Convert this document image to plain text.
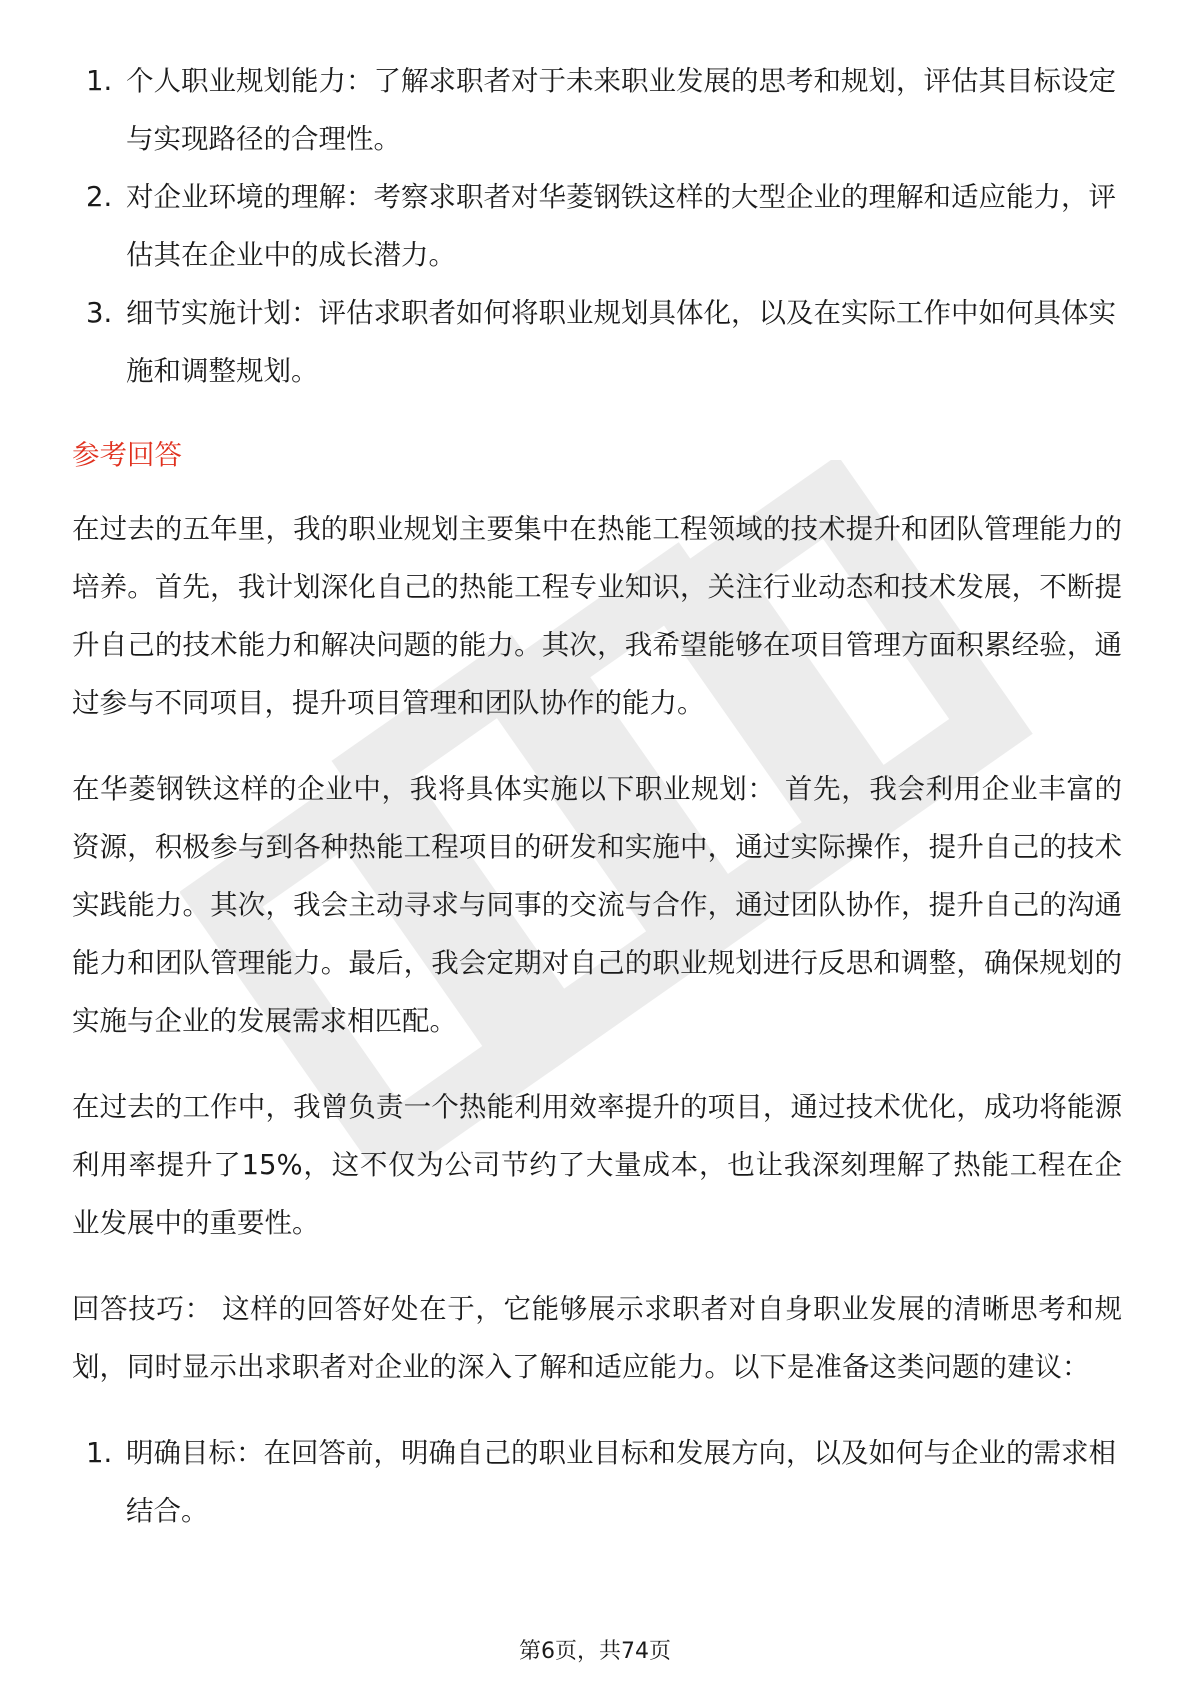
1. 个人职业规划能力：了解求职者对于未来职业发展的思考和规划，评估其目标设定与实现路径的合理性。
2. 对企业环境的理解：考察求职者对华菱钢铁这样的大型企业的理解和适应能力，评估其在企业中的成长潜力。
3. 细节实施计划：评估求职者如何将职业规划具体化，以及在实际工作中如何具体实施和调整规划。
参考回答

在过去的五年里，我的职业规划主要集中在热能工程领域的技术提升和团队管理能力的培养。首先，我计划深化自己的热能工程专业知识，关注行业动态和技术发展，不断提升自己的技术能力和解决问题的能力。其次，我希望能够在项目管理方面积累经验，通过参与不同项目，提升项目管理和团队协作的能力。

在华菱钢铁这样的企业中，我将具体实施以下职业规划： 首先，我会利用企业丰富的资源，积极参与到各种热能工程项目的研发和实施中，通过实际操作，提升自己的技术实践能力。其次，我会主动寻求与同事的交流与合作，通过团队协作，提升自己的沟通能力和团队管理能力。最后，我会定期对自己的职业规划进行反思和调整，确保规划的实施与企业的发展需求相匹配。

在过去的工作中，我曾负责一个热能利用效率提升的项目，通过技术优化，成功将能源利用率提升了15%，这不仅为公司节约了大量成本，也让我深刻理解了热能工程在企业发展中的重要性。

回答技巧： 这样的回答好处在于，它能够展示求职者对自身职业发展的清晰思考和规划，同时显示出求职者对企业的深入了解和适应能力。以下是准备这类问题的建议：

1. 明确目标：在回答前，明确自己的职业目标和发展方向，以及如何与企业的需求相结合。
第6页，共74页
